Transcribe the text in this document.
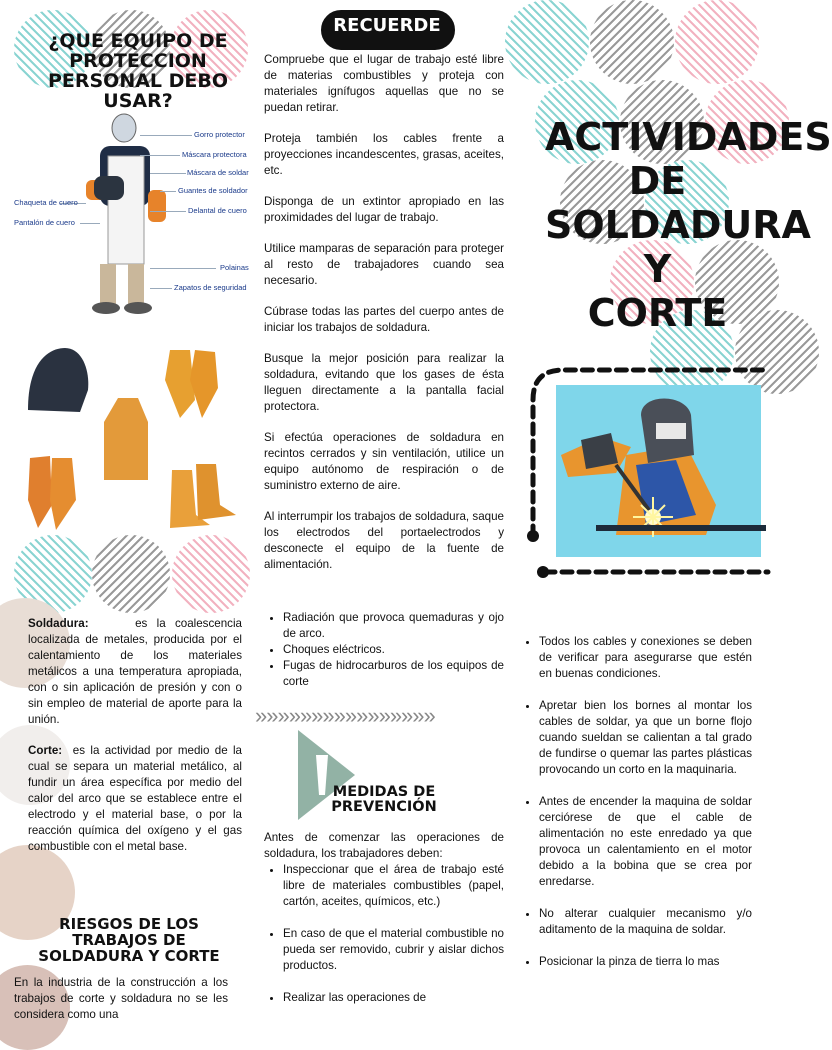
¿QUE EQUIPO DE PROTECCION PERSONAL DEBO USAR?
Gorro protector
Máscara protectora
Máscara de soldar
Guantes de soldador
Chaqueta de cuero
Pantalón de cuero
Delantal de cuero
Polainas
Zapatos de seguridad
RECUERDE

Compruebe que el lugar de trabajo esté libre de materias combustibles y proteja con materiales ignífugos aquellas que no se puedan retirar.

Proteja también los cables frente a proyecciones incandescentes, grasas, aceites, etc.

Disponga de un extintor apropiado en las proximidades del lugar de trabajo.

Utilice mamparas de separación para proteger al resto de trabajadores cuando sea necesario.

Cúbrase todas las partes del cuerpo antes de iniciar los trabajos de soldadura.

Busque la mejor posición para realizar la soldadura, evitando que los gases de ésta lleguen directamente a la pantalla facial protectora.

Si efectúa operaciones de soldadura en recintos cerrados y sin ventilación, utilice un equipo autónomo de respiración o de suministro externo de aire.

Al interrumpir los trabajos de soldadura, saque los electrodos del portaelectrodos y desconecte el equipo de la fuente de alimentación.

ACTIVIDADES
DE
SOLDADURA
Y
CORTE

Soldadura:	es la coalescencia localizada de metales, producida por el calentamiento de los materiales metálicos a una temperatura apropiada, con o sin aplicación de presión y con o sin empleo de material de aporte para la unión.

Corte: es la actividad por medio de la cual se separa un material metálico, al fundir un área específica por medio del calor del arco que se establece entre el electrodo y el material base, o por la reacción química del oxígeno y el gas combustible con el metal base.

RIESGOS DE LOS TRABAJOS DE SOLDADURA Y CORTE
En la industria de la construcción a los trabajos de corte y soldadura no se les considera como una
• Radiación que provoca quemaduras y ojo de arco.
• Choques eléctricos.
• Fugas de hidrocarburos de los equipos de corte
»»»»»»»»»»»»»»»»
MEDIDAS DE PREVENCIÓN
Antes de comenzar las operaciones de soldadura, los trabajadores deben:
• Inspeccionar que el área de trabajo esté libre de materiales combustibles (papel, cartón, aceites, químicos, etc.)
• En caso de que el material combustible no pueda ser removido, cubrir y aislar dichos productos.
• Realizar las operaciones de
• Todos los cables y conexiones se deben de verificar para asegurarse que estén en buenas condiciones.
• Apretar bien los bornes al montar los cables de soldar, ya que un borne flojo cuando sueldan se calientan a tal grado de fundirse o quemar las partes plásticas provocando un corto en la maquinaria.
• Antes de encender la maquina de soldar cerciórese de que el cable de alimentación no este enredado ya que provoca un calentamiento en el motor debido a la bobina que se crea por enredarse.
• No alterar cualquier mecanismo y/o aditamento de la maquina de soldar.
• Posicionar la pinza de tierra lo mas
